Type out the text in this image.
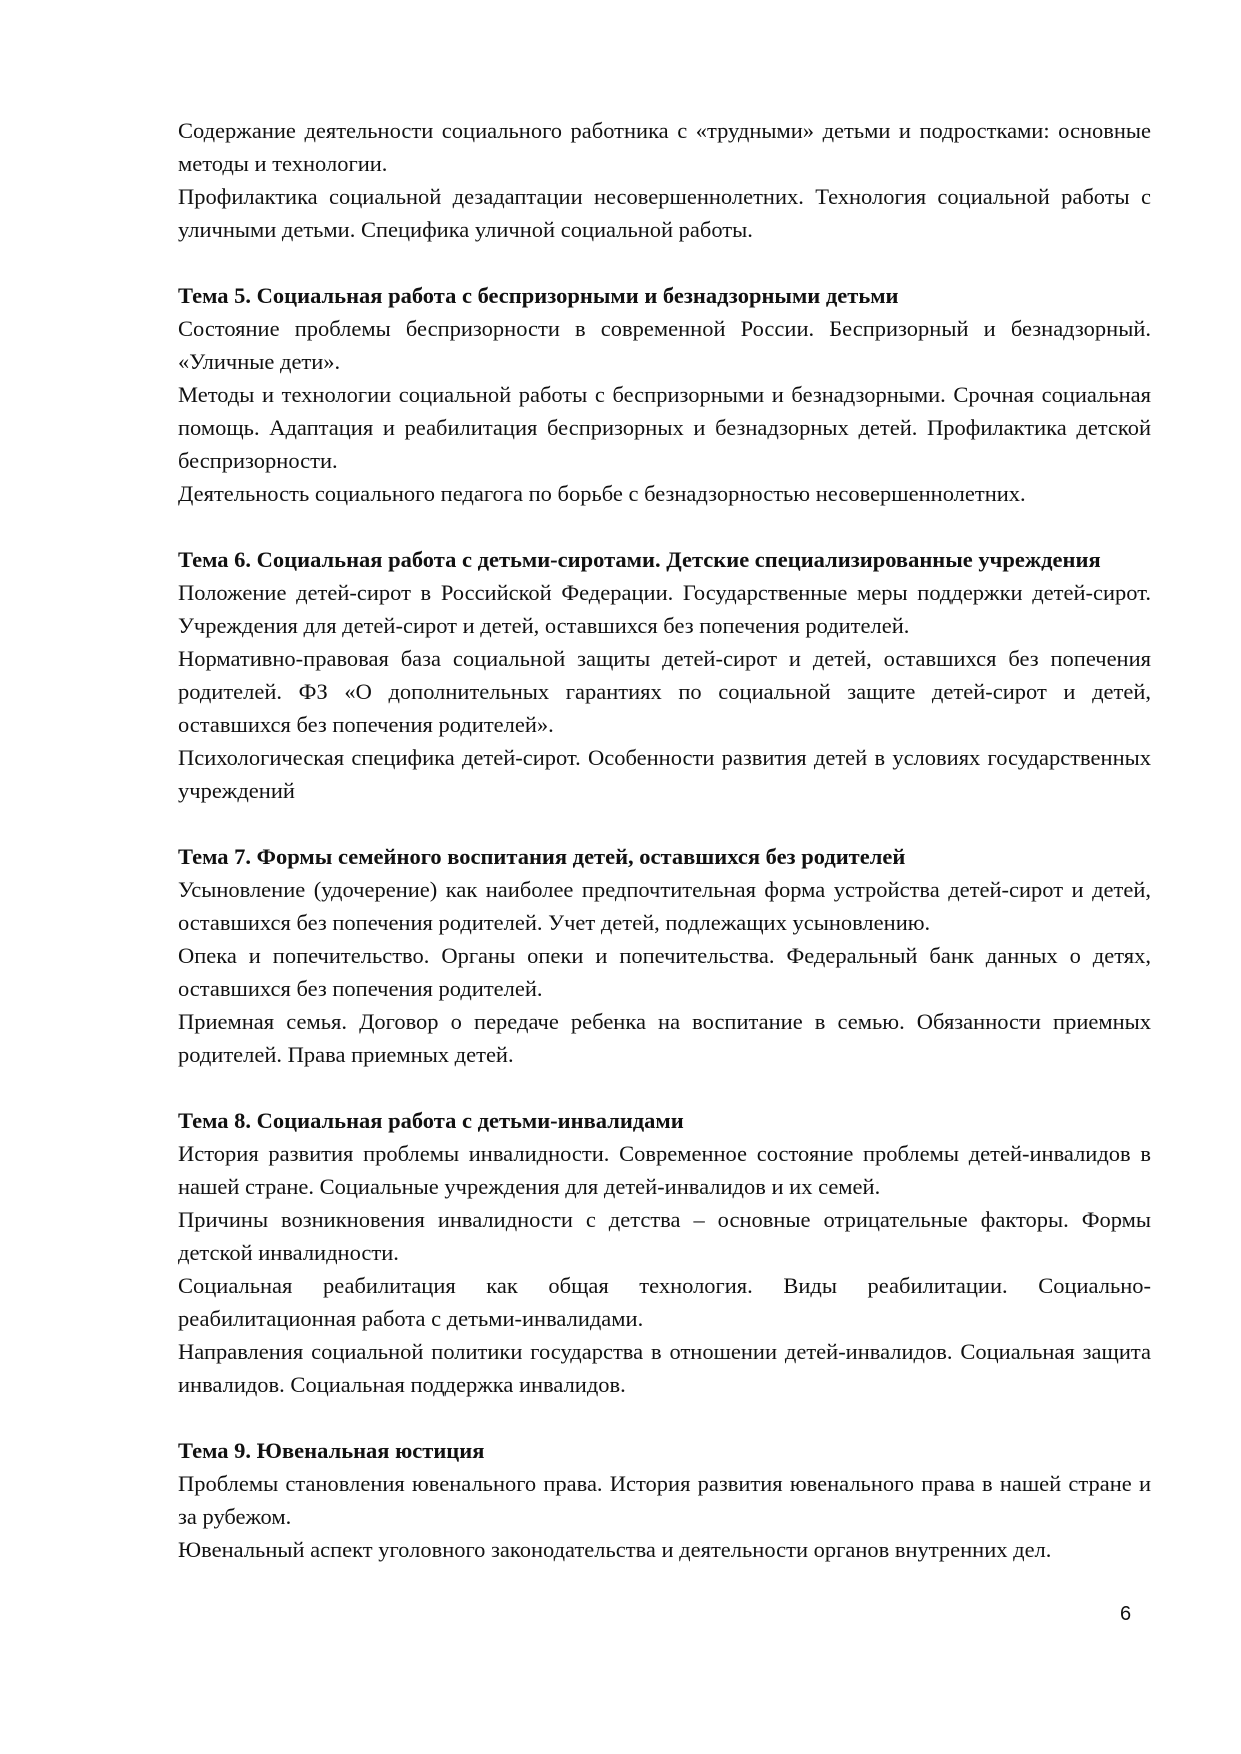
Содержание деятельности социального работника с «трудными» детьми и подростками: основные методы и технологии.

Профилактика социальной дезадаптации несовершеннолетних. Технология социальной работы с уличными детьми. Специфика уличной социальной работы.

Тема 5. Социальная работа с беспризорными и безнадзорными детьми

Состояние проблемы беспризорности в современной России. Беспризорный и безнадзорный. «Уличные дети».

Методы и технологии социальной работы с беспризорными и безнадзорными. Срочная социальная помощь. Адаптация и реабилитация беспризорных и безнадзорных детей. Профилактика детской беспризорности.

Деятельность социального педагога по борьбе с безнадзорностью несовершеннолетних.

Тема 6. Социальная работа с детьми-сиротами. Детские специализированные учреждения

Положение детей-сирот в Российской Федерации. Государственные меры поддержки детей-сирот. Учреждения для детей-сирот и детей, оставшихся без попечения родителей.

Нормативно-правовая база социальной защиты детей-сирот и детей, оставшихся без попечения родителей. ФЗ «О дополнительных гарантиях по социальной защите детей-сирот и детей, оставшихся без попечения родителей».

Психологическая специфика детей-сирот. Особенности развития детей в условиях государственных учреждений

Тема 7. Формы семейного воспитания детей, оставшихся без родителей

Усыновление (удочерение) как наиболее предпочтительная форма устройства детей-сирот и детей, оставшихся без попечения родителей. Учет детей, подлежащих усыновлению.

Опека и попечительство. Органы опеки и попечительства. Федеральный банк данных о детях, оставшихся без попечения родителей.

Приемная семья. Договор о передаче ребенка на воспитание в семью. Обязанности приемных родителей. Права приемных детей.

Тема 8. Социальная работа с детьми-инвалидами

История развития проблемы инвалидности. Современное состояние проблемы детей-инвалидов в нашей стране. Социальные учреждения для детей-инвалидов и их семей.

Причины возникновения инвалидности с детства – основные отрицательные факторы. Формы детской инвалидности.

Социальная реабилитация как общая технология. Виды реабилитации. Социально-реабилитационная работа с детьми-инвалидами.

Направления социальной политики государства в отношении детей-инвалидов. Социальная защита инвалидов. Социальная поддержка инвалидов.

Тема 9. Ювенальная юстиция

Проблемы становления ювенального права. История развития ювенального права в нашей стране и за рубежом.

Ювенальный аспект уголовного законодательства и деятельности органов внутренних дел.

6
